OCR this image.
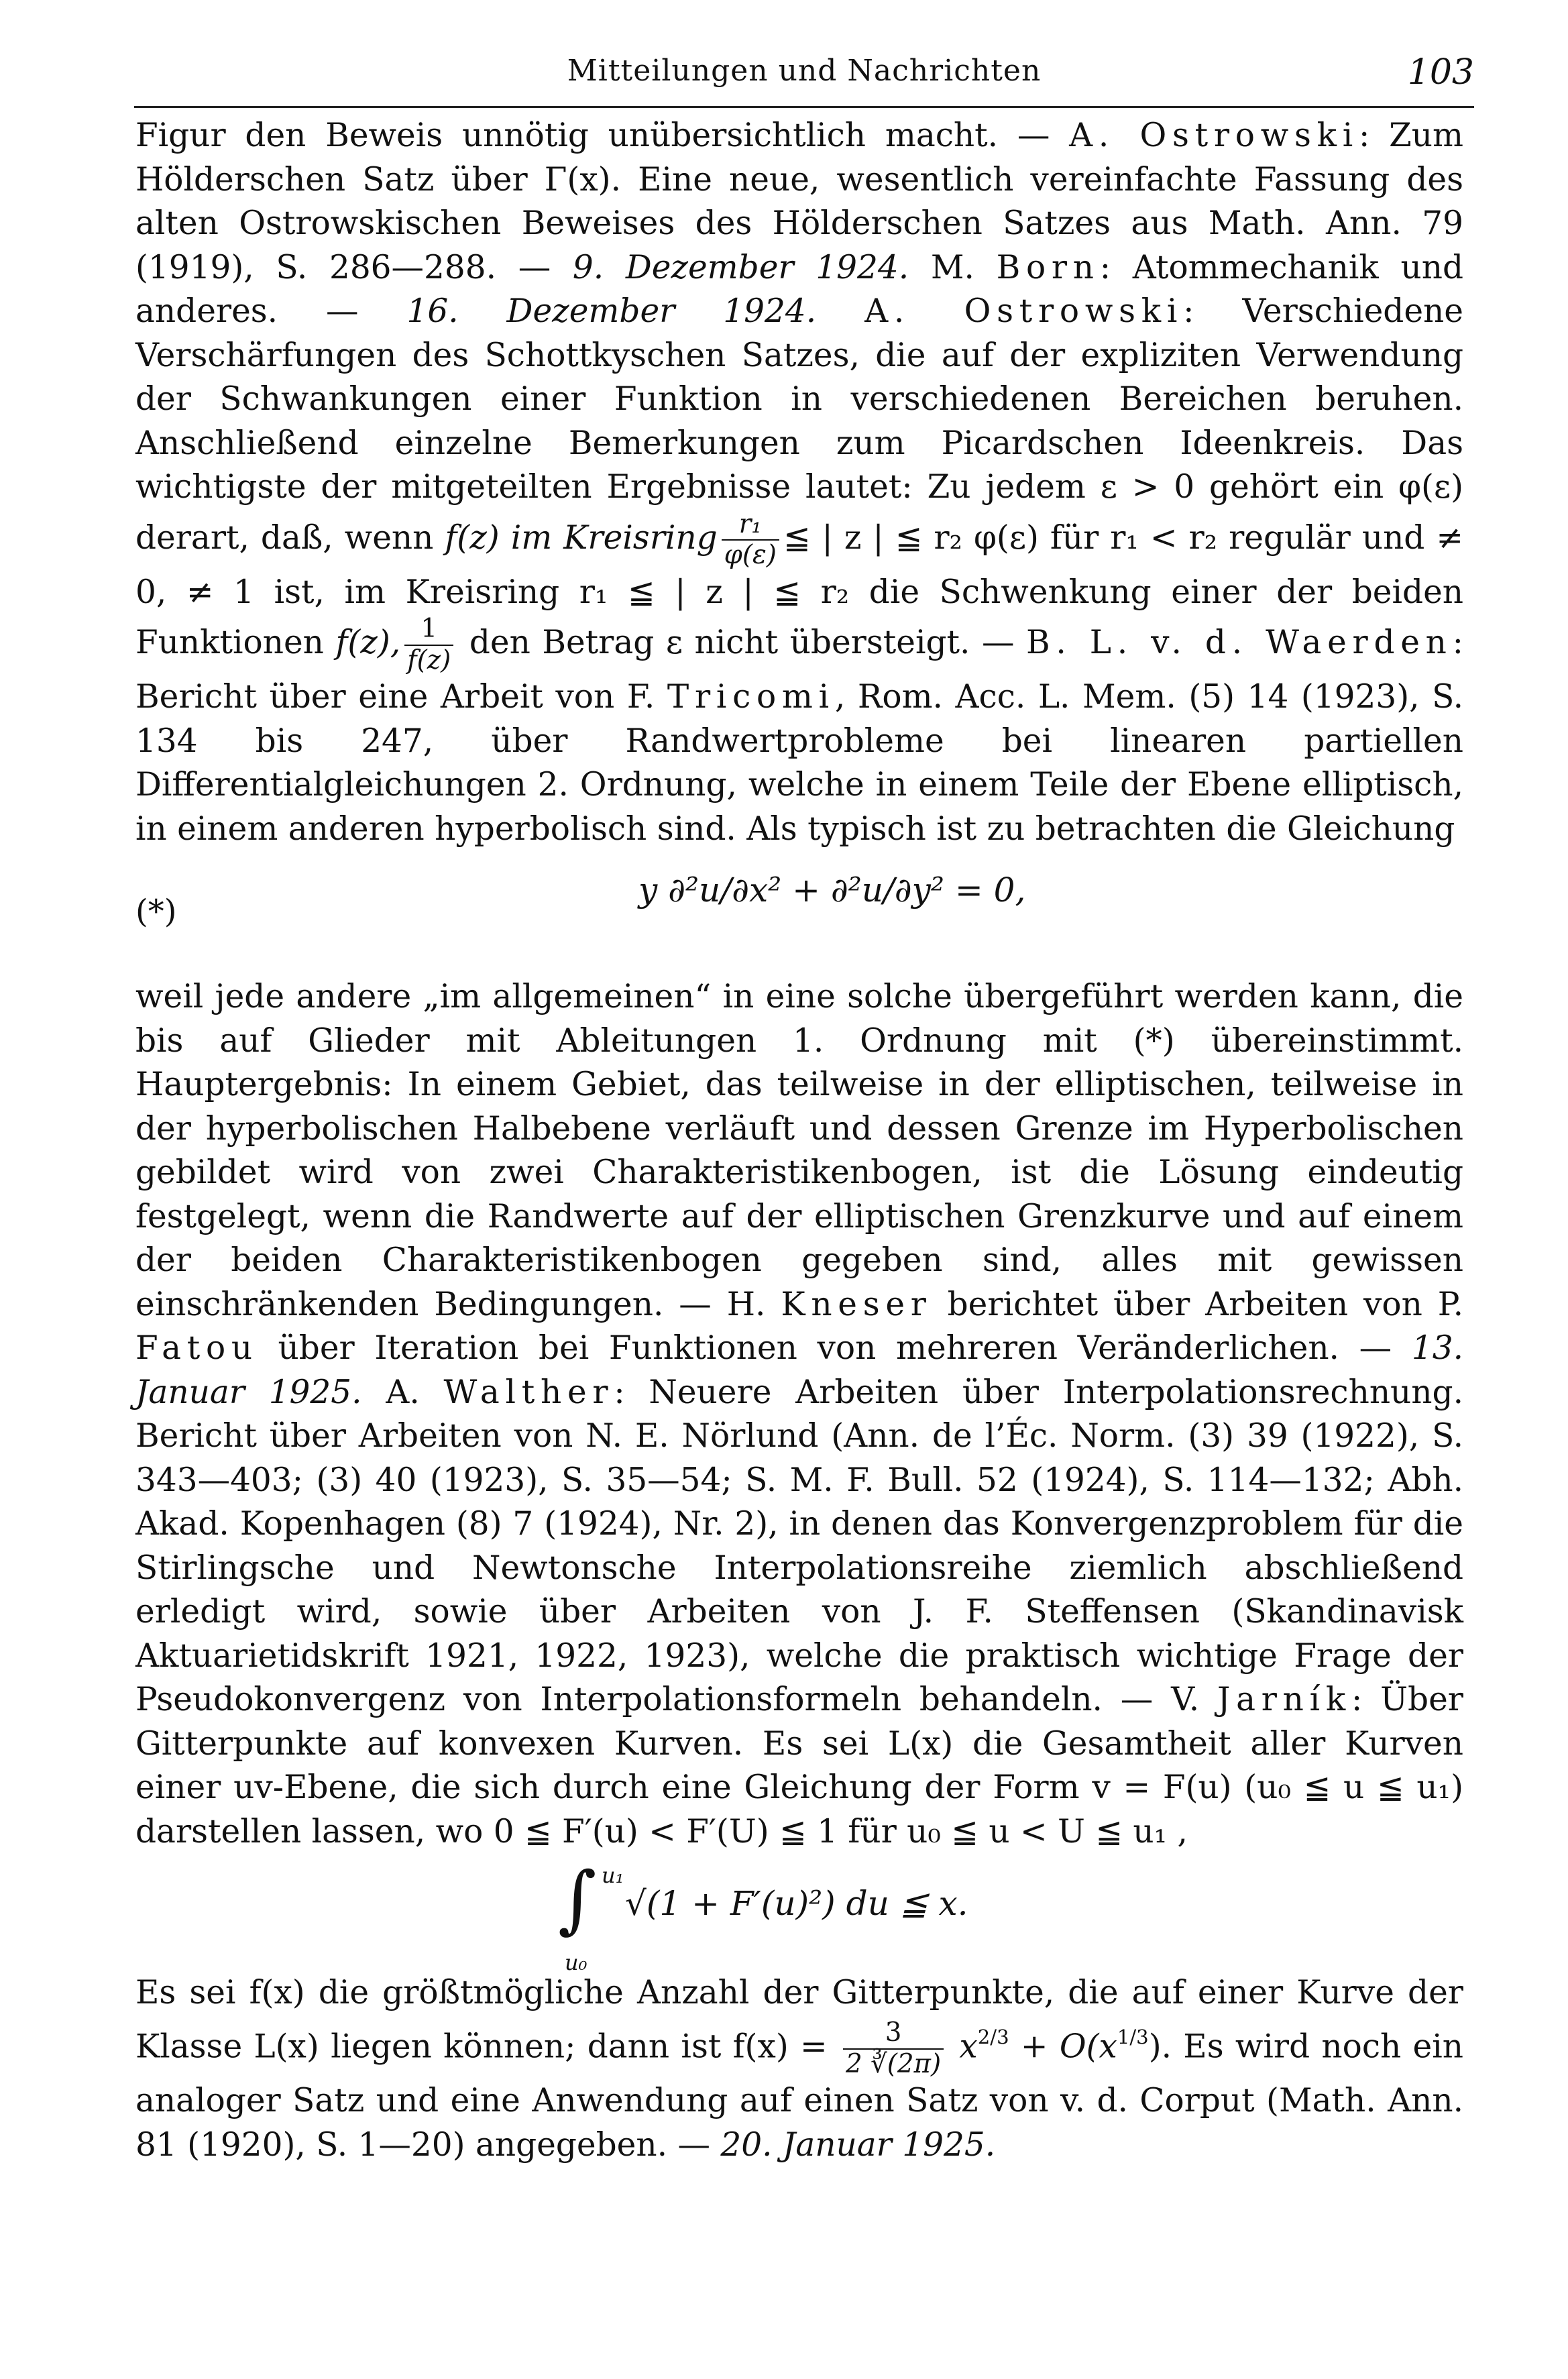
Mitteilungen und Nachrichten	103

Figur den Beweis unnötig unübersichtlich macht. — A. Ostrowski: Zum Hölderschen Satz über Γ(x). Eine neue, wesentlich vereinfachte Fassung des alten Ostrowskischen Beweises des Hölderschen Satzes aus Math. Ann. 79 (1919), S. 286—288. — 9. Dezember 1924. M. Born: Atommechanik und anderes. — 16. Dezember 1924. A. Ostrowski: Verschiedene Verschärfungen des Schottkyschen Satzes, die auf der expliziten Verwendung der Schwankungen einer Funktion in verschiedenen Bereichen beruhen. Anschließend einzelne Bemerkungen zum Picardschen Ideenkreis. Das wichtigste der mitgeteilten Ergebnisse lautet: Zu jedem ε > 0 gehört ein φ(ε) derart, daß, wenn f(z) im Kreisring $\frac{\text{r₁}}{\varphi(\varepsilon)}$ ≦ | z | ≦ r₂ φ(ε) für r₁ < r₂ regulär und ≠ 0, ≠ 1 ist, im Kreisring r₁ ≦ | z | ≦ r₂ die Schwenkung einer der beiden Funktionen f(z), $\frac{1}{f(z)}$ den Betrag ε nicht übersteigt. — B. L. v. d. Waerden: Bericht über eine Arbeit von F. Tricomi, Rom. Acc. L. Mem. (5) 14 (1923), S. 134 bis 247, über Randwertprobleme bei linearen partiellen Differentialgleichungen 2. Ordnung, welche in einem Teile der Ebene elliptisch, in einem anderen hyperbolisch sind. Als typisch ist zu betrachten die Gleichung

(*)
y ∂²u/∂x² + ∂²u/∂y² = 0,

weil jede andere „im allgemeinen“ in eine solche übergeführt werden kann, die bis auf Glieder mit Ableitungen 1. Ordnung mit (*) übereinstimmt. Hauptergebnis: In einem Gebiet, das teilweise in der elliptischen, teilweise in der hyperbolischen Halbebene verläuft und dessen Grenze im Hyperbolischen gebildet wird von zwei Charakteristikenbogen, ist die Lösung eindeutig festgelegt, wenn die Randwerte auf der elliptischen Grenzkurve und auf einem der beiden Charakteristikenbogen gegeben sind, alles mit gewissen einschränkenden Bedingungen. — H. Kneser berichtet über Arbeiten von P. Fatou über Iteration bei Funktionen von mehreren Veränderlichen. — 13. Januar 1925. A. Walther: Neuere Arbeiten über Interpolationsrechnung. Bericht über Arbeiten von N. E. Nörlund (Ann. de l’Éc. Norm. (3) 39 (1922), S. 343—403; (3) 40 (1923), S. 35—54; S. M. F. Bull. 52 (1924), S. 114—132; Abh. Akad. Kopenhagen (8) 7 (1924), Nr. 2), in denen das Konvergenzproblem für die Stirlingsche und Newtonsche Interpolationsreihe ziemlich abschließend erledigt wird, sowie über Arbeiten von J. F. Steffensen (Skandinavisk Aktuarietidskrift 1921, 1922, 1923), welche die praktisch wichtige Frage der Pseudokonvergenz von Interpolationsformeln behandeln. — V. Jarník: Über Gitterpunkte auf konvexen Kurven. Es sei L(x) die Gesamtheit aller Kurven einer uv-Ebene, die sich durch eine Gleichung der Form v = F(u) (u₀ ≦ u ≦ u₁) darstellen lassen, wo 0 ≦ F′(u) < F′(U) ≦ 1 für u₀ ≦ u < U ≦ u₁ ,

u₁
∫
u₀
√(1 + F′(u)²) du ≦ x.

Es sei f(x) die größtmögliche Anzahl der Gitterpunkte, die auf einer Kurve der Klasse L(x) liegen können; dann ist $f(x) = \frac{3}{2 ∛(2\pi)} x^{2/3} + O(x^{1/3})$. Es wird noch ein analoger Satz und eine Anwendung auf einen Satz von v. d. Corput (Math. Ann. 81 (1920), S. 1—20) angegeben. — 20. Januar 1925.
